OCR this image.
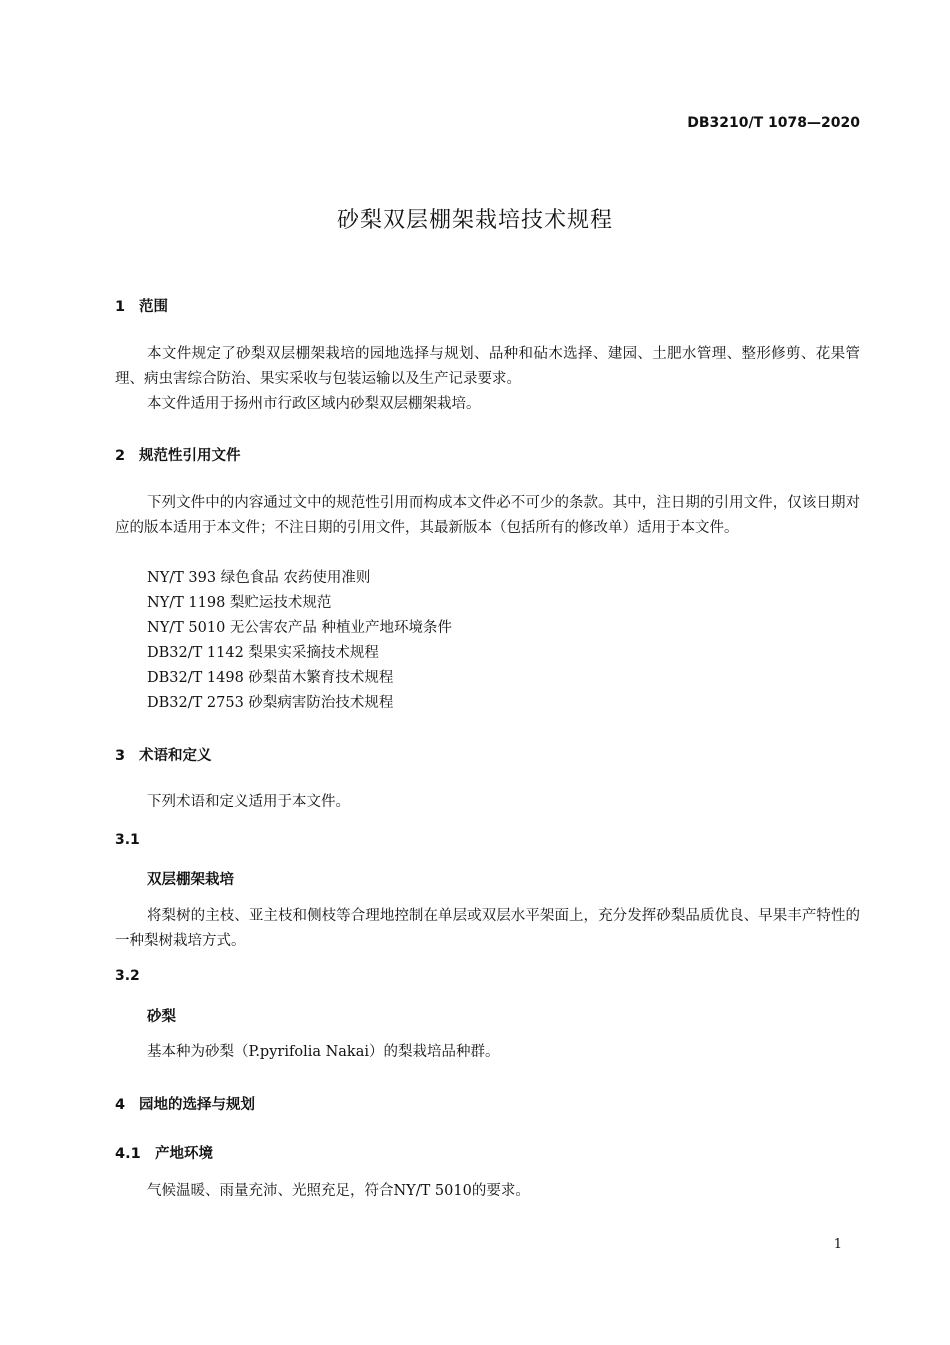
DB3210/T 1078—2020
砂梨双层棚架栽培技术规程
1 范围

本文件规定了砂梨双层棚架栽培的园地选择与规划、品种和砧木选择、建园、土肥水管理、整形修剪、花果管理、病虫害综合防治、果实采收与包装运输以及生产记录要求。

本文件适用于扬州市行政区域内砂梨双层棚架栽培。

2 规范性引用文件

下列文件中的内容通过文中的规范性引用而构成本文件必不可少的条款。其中，注日期的引用文件，仅该日期对应的版本适用于本文件；不注日期的引用文件，其最新版本（包括所有的修改单）适用于本文件。

NY/T 393 绿色食品 农药使用准则
NY/T 1198 梨贮运技术规范
NY/T 5010 无公害农产品 种植业产地环境条件
DB32/T 1142 梨果实采摘技术规程
DB32/T 1498 砂梨苗木繁育技术规程
DB32/T 2753 砂梨病害防治技术规程
3 术语和定义

下列术语和定义适用于本文件。

3.1
双层棚架栽培

将梨树的主枝、亚主枝和侧枝等合理地控制在单层或双层水平架面上，充分发挥砂梨品质优良、早果丰产特性的一种梨树栽培方式。

3.2
砂梨

基本种为砂梨（P.pyrifolia Nakai）的梨栽培品种群。

4 园地的选择与规划
4.1 产地环境

气候温暖、雨量充沛、光照充足，符合NY/T 5010的要求。

1
